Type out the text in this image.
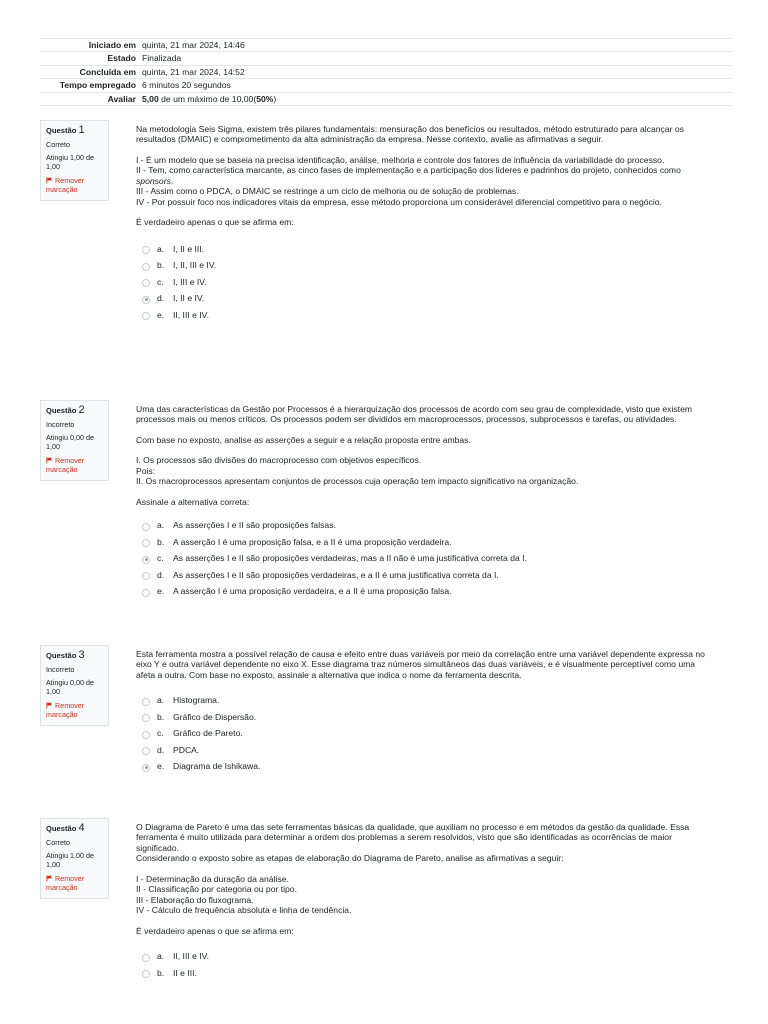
Iniciado em quinta, 21 mar 2024, 14:46
Estado Finalizada
Concluída em quinta, 21 mar 2024, 14:52
Tempo empregado 6 minutos 20 segundos
Avaliar 5,00 de um máximo de 10,00(50%)
Questão 1
Correto
Atingiu 1,00 de 1,00
Remover marcação

Na metodologia Seis Sigma, existem três pilares fundamentais: mensuração dos benefícios ou resultados, método estruturado para alcançar os resultados (DMAIC) e comprometimento da alta administração da empresa. Nesse contexto, avalie as afirmativas a seguir.

I - É um modelo que se baseia na precisa identificação, análise, melhoria e controle dos fatores de influência da variabilidade do processo.

II - Tem, como característica marcante, as cinco fases de implementação e a participação dos líderes e padrinhos do projeto, conhecidos como sponsors.

III - Assim como o PDCA, o DMAIC se restringe a um ciclo de melhoria ou de solução de problemas.

IV - Por possuir foco nos indicadores vitais da empresa, esse método proporciona um considerável diferencial competitivo para o negócio.

É verdadeiro apenas o que se afirma em:

a.	I, II e III.
b.	I, II, III e IV.
c.	I, III e IV.
d.	I, II e IV.
e.	II, III e IV.
Questão 2
Incorreto
Atingiu 0,00 de 1,00
Remover marcação

Uma das características da Gestão por Processos é a hierarquização dos processos de acordo com seu grau de complexidade, visto que existem processos mais ou menos críticos. Os processos podem ser divididos em macroprocessos, processos, subprocessos e tarefas, ou atividades.

Com base no exposto, analise as asserções a seguir e a relação proposta entre ambas.

I. Os processos são divisões do macroprocesso com objetivos específicos.

Pois:

II. Os macroprocessos apresentam conjuntos de processos cuja operação tem impacto significativo na organização.

Assinale a alternativa correta:

a.	As asserções I e II são proposições falsas.
b.	A asserção I é uma proposição falsa, e a II é uma proposição verdadeira.
c.	As asserções I e II são proposições verdadeiras, mas a II não é uma justificativa correta da I.
d.	As asserções I e II são proposições verdadeiras, e a II é uma justificativa correta da I.
e.	A asserção I é uma proposição verdadeira, e a II é uma proposição falsa.
Questão 3
Incorreto
Atingiu 0,00 de 1,00
Remover marcação

Esta ferramenta mostra a possível relação de causa e efeito entre duas variáveis por meio da correlação entre uma variável dependente expressa no eixo Y e outra variável dependente no eixo X. Esse diagrama traz números simultâneos das duas variáveis, e é visualmente perceptível como uma afeta a outra. Com base no exposto, assinale a alternativa que indica o nome da ferramenta descrita.

a.	Histograma.
b.	Gráfico de Dispersão.
c.	Gráfico de Pareto.
d.	PDCA.
e.	Diagrama de Ishikawa.
Questão 4
Correto
Atingiu 1,00 de 1,00
Remover marcação

O Diagrama de Pareto é uma das sete ferramentas básicas da qualidade, que auxiliam no processo e em métodos da gestão da qualidade. Essa ferramenta é muito utilizada para determinar a ordem dos problemas a serem resolvidos, visto que são identificadas as ocorrências de maior significado.

Considerando o exposto sobre as etapas de elaboração do Diagrama de Pareto, analise as afirmativas a seguir:

I - Determinação da duração da análise.

II - Classificação por categoria ou por tipo.

III - Elaboração do fluxograma.

IV - Cálculo de frequência absoluta e linha de tendência.

É verdadeiro apenas o que se afirma em:

a.	II, III e IV.
b.	II e III.
